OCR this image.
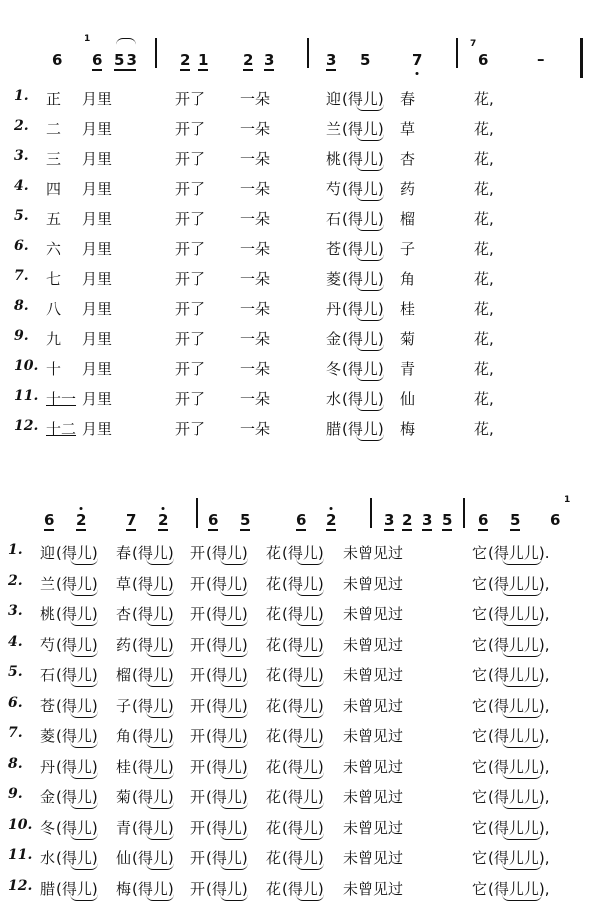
6
1
6 53	2 1 2 3	3 5	7
7
6	–
1. 正 月里	开了 一朵	迎 (得儿) 春	花,
2. 二 月里	开了 一朵	兰 (得儿) 草	花,
3. 三 月里	开了 一朵	桃 (得儿) 杏	花,
4. 四 月里	开了 一朵	芍 (得儿) 药	花,
5. 五 月里	开了 一朵	石 (得儿) 榴	花,
6. 六 月里	开了 一朵	苍 (得儿) 子	花,
7. 七 月里	开了 一朵	菱 (得儿) 角	花,
8. 八 月里	开了 一朵	丹 (得儿) 桂	花,
9. 九 月里	开了 一朵	金 (得儿) 菊	花,
10. 十 月里	开了 一朵	冬 (得儿) 青	花,
11. 十一 月里	开了 一朵	水 (得儿) 仙	花,
12. 十二 月里	开了 一朵	腊 (得儿) 梅	花,
6 2	7 2	6 5	6 2	3 2 3 5 6 5 6
1
1. 迎 (得儿) 春 (得儿) 开 (得儿) 花 (得儿) 未曾见过	它 (得儿儿).
2. 兰 (得儿) 草 (得儿) 开 (得儿) 花 (得儿) 未曾见过	它 (得儿儿),
3. 桃 (得儿) 杏 (得儿) 开 (得儿) 花 (得儿) 未曾见过	它 (得儿儿),
4. 芍 (得儿) 药 (得儿) 开 (得儿) 花 (得儿) 未曾见过	它 (得儿儿),
5. 石 (得儿) 榴 (得儿) 开 (得儿) 花 (得儿) 未曾见过	它 (得儿儿),
6. 苍 (得儿) 子 (得儿) 开 (得儿) 花 (得儿) 未曾见过	它 (得儿儿),
7. 菱 (得儿) 角 (得儿) 开 (得儿) 花 (得儿) 未曾见过	它 (得儿儿),
8. 丹 (得儿) 桂 (得儿) 开 (得儿) 花 (得儿) 未曾见过	它 (得儿儿),
9. 金 (得儿) 菊 (得儿) 开 (得儿) 花 (得儿) 未曾见过	它 (得儿儿),
10. 冬 (得儿) 青 (得儿) 开 (得儿) 花 (得儿) 未曾见过	它 (得儿儿),
11. 水 (得儿) 仙 (得儿) 开 (得儿) 花 (得儿) 未曾见过	它 (得儿儿),
12. 腊 (得儿) 梅 (得儿) 开 (得儿) 花 (得儿) 未曾见过	它 (得儿儿),
